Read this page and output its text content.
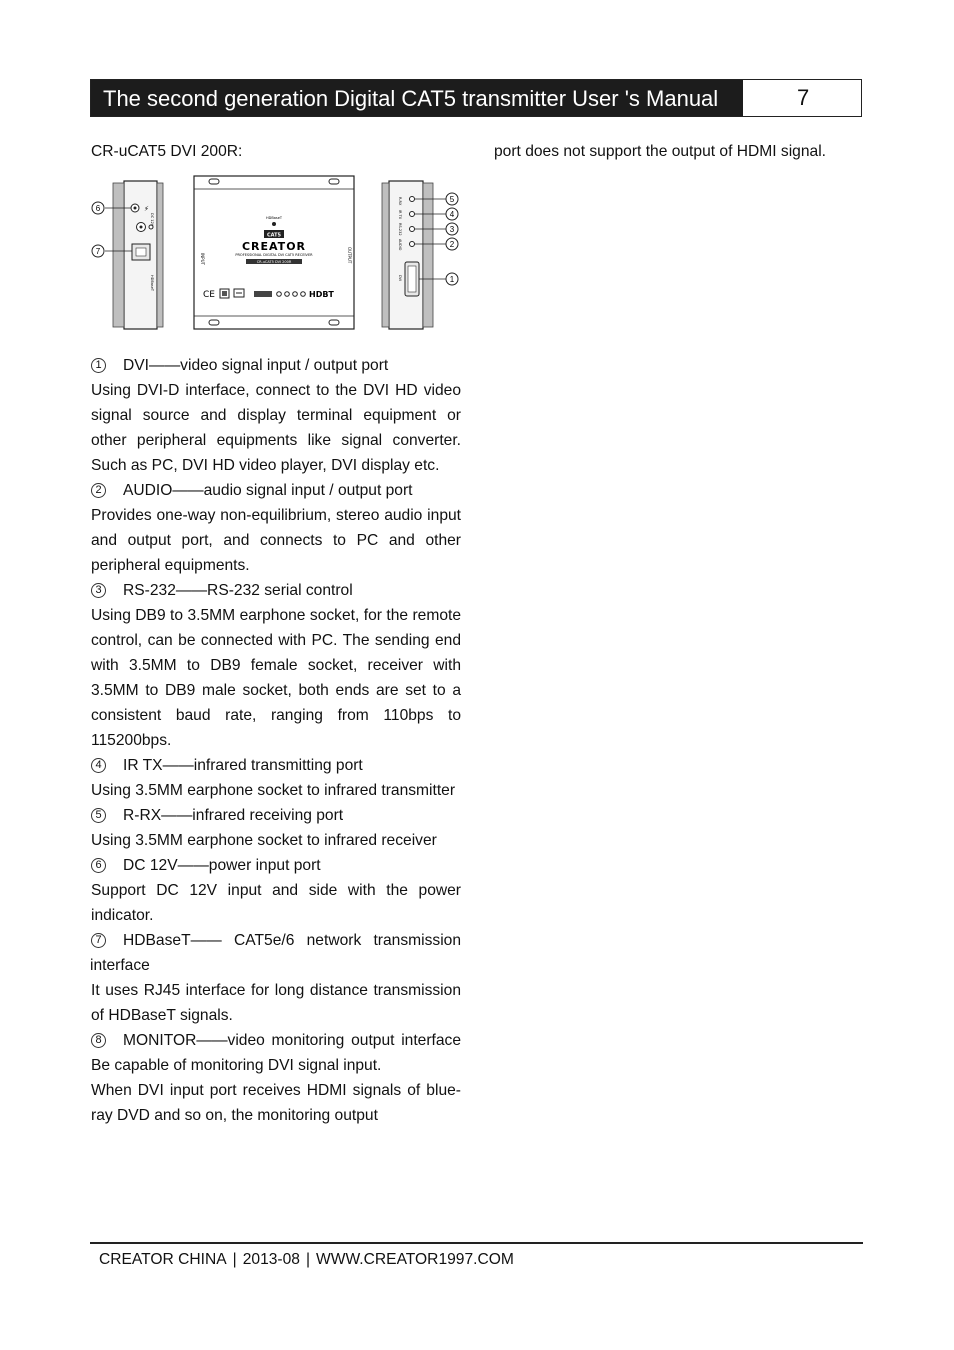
The second generation Digital CAT5 transmitter User 's Manual	7

CR-uCAT5 DVI 200R:

⚡
HDBaseT
DC 12V
6
7
HDBaseT
CAT5
CREATOR
PROFESSIONAL DIGITAL DVI CAT5 RECEIVER
CR-uCAT5 DVI 200R
INPUT	OUTPUT
CE	HDBT
R-RX
IR TX
RS-232
AUDIO
DVI
5
4
3
2
1

1 DVI——video signal input / output port

Using DVI-D interface, connect to the DVI HD video signal source and display terminal equipment or other peripheral equipments like signal converter. Such as PC, DVI HD video player, DVI display etc.

2 AUDIO——audio signal input / output port

Provides one-way non-equilibrium, stereo audio input and output port, and connects to PC and other peripheral equipments.

3 RS-232——RS-232 serial control

Using DB9 to 3.5MM earphone socket, for the remote control, can be connected with PC. The sending end with 3.5MM to DB9 female socket, receiver with 3.5MM to DB9 male socket, both ends are set to a consistent baud rate, ranging from 110bps to 115200bps.

4 IR TX——infrared transmitting port

Using 3.5MM earphone socket to infrared transmitter

5 R-RX——infrared receiving port

Using 3.5MM earphone socket to infrared receiver

6 DC 12V——power input port

Support DC 12V input and side with the power indicator.

7	HDBaseT—— CAT5e/6 network transmission interface

It uses RJ45 interface for long distance transmission of HDBaseT signals.

8	MONITOR——video monitoring output interface

Be capable of monitoring DVI signal input.

When DVI input port receives HDMI signals of blue-ray DVD and so on, the monitoring output

port does not support the output of HDMI signal.

CREATOR CHINA | 2013-08 | WWW.CREATOR1997.COM
